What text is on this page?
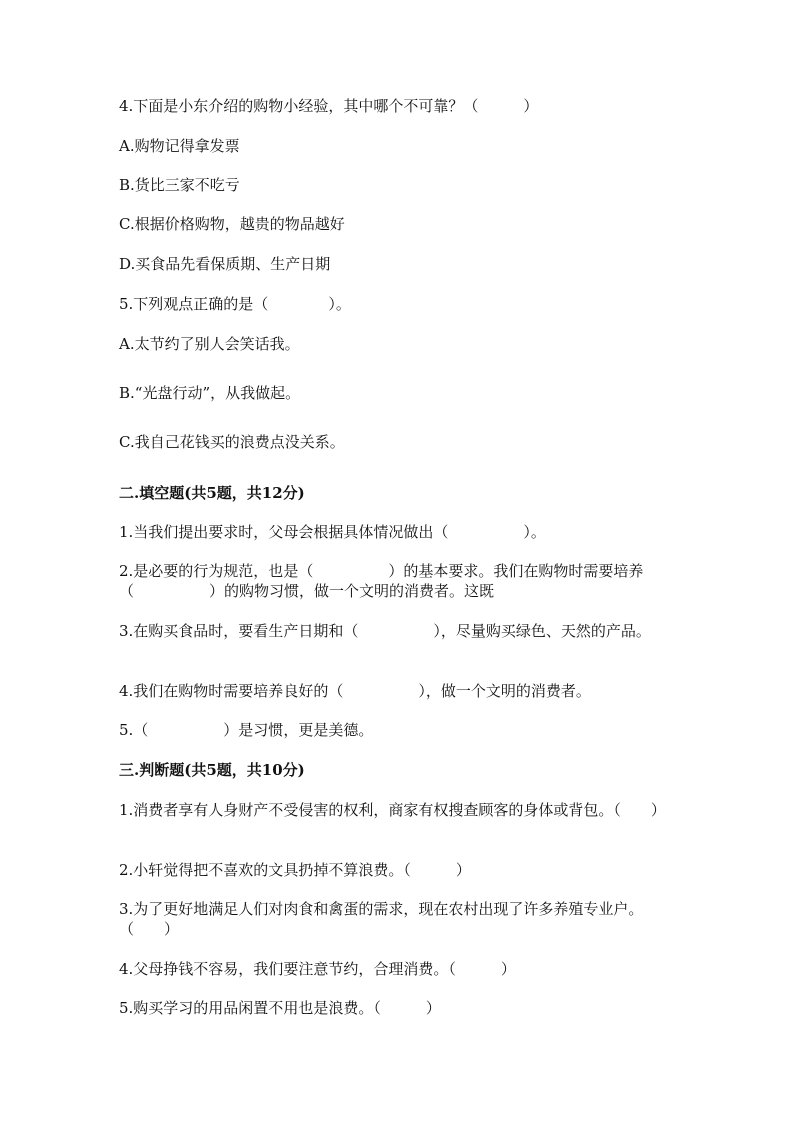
4.下面是小东介绍的购物小经验，其中哪个不可靠？（　　　）
A.购物记得拿发票
B.货比三家不吃亏
C.根据价格购物，越贵的物品越好
D.买食品先看保质期、生产日期
5.下列观点正确的是（　　　　）。
A.太节约了别人会笑话我。
B.“光盘行动”，从我做起。
C.我自己花钱买的浪费点没关系。
二.填空题(共5题，共12分)
1.当我们提出要求时，父母会根据具体情况做出（　　　　　）。
2.是必要的行为规范，也是（　　　　　）的基本要求。我们在购物时需要培养（　　　　　）的购物习惯，做一个文明的消费者。这既
3.在购买食品时，要看生产日期和（　　　　　），尽量购买绿色、天然的产品。
4.我们在购物时需要培养良好的（　　　　　），做一个文明的消费者。
5.（　　　　　）是习惯，更是美德。
三.判断题(共5题，共10分)
1.消费者享有人身财产不受侵害的权利，商家有权搜查顾客的身体或背包。（　　）
2.小轩觉得把不喜欢的文具扔掉不算浪费。（　　　）
3.为了更好地满足人们对肉食和禽蛋的需求，现在农村出现了许多养殖专业户。（　　）
4.父母挣钱不容易，我们要注意节约，合理消费。（　　　）
5.购买学习的用品闲置不用也是浪费。（　　　）
